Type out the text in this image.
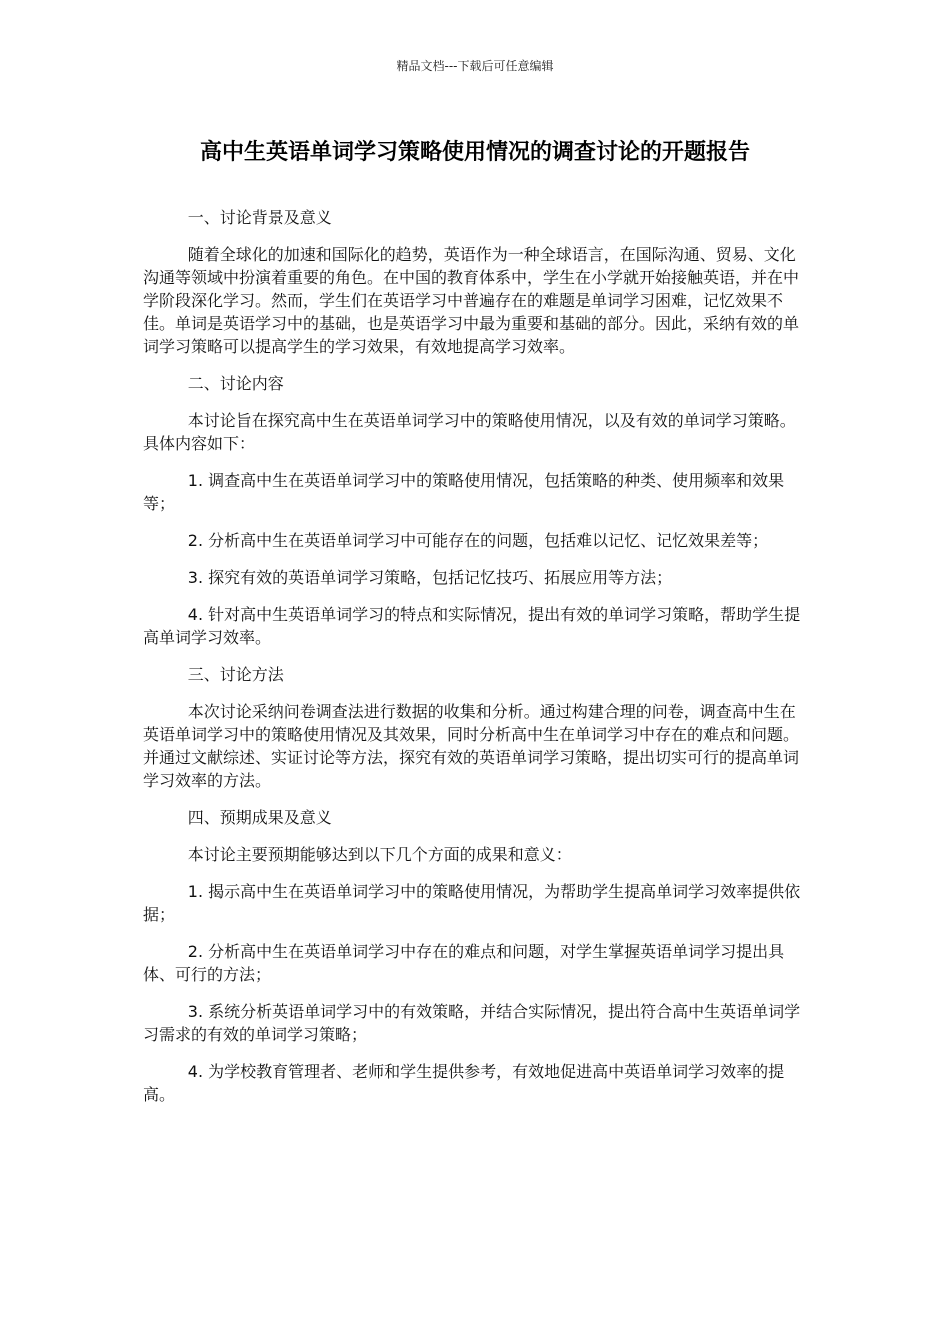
精品文档---下载后可任意编辑
高中生英语单词学习策略使用情况的调查讨论的开题报告

一、讨论背景及意义

随着全球化的加速和国际化的趋势，英语作为一种全球语言，在国际沟通、贸易、文化沟通等领域中扮演着重要的角色。在中国的教育体系中，学生在小学就开始接触英语，并在中学阶段深化学习。然而，学生们在英语学习中普遍存在的难题是单词学习困难，记忆效果不佳。单词是英语学习中的基础，也是英语学习中最为重要和基础的部分。因此，采纳有效的单词学习策略可以提高学生的学习效果，有效地提高学习效率。

二、讨论内容

本讨论旨在探究高中生在英语单词学习中的策略使用情况，以及有效的单词学习策略。具体内容如下：

1. 调查高中生在英语单词学习中的策略使用情况，包括策略的种类、使用频率和效果等；

2. 分析高中生在英语单词学习中可能存在的问题，包括难以记忆、记忆效果差等；

3. 探究有效的英语单词学习策略，包括记忆技巧、拓展应用等方法；

4. 针对高中生英语单词学习的特点和实际情况，提出有效的单词学习策略，帮助学生提高单词学习效率。

三、讨论方法

本次讨论采纳问卷调查法进行数据的收集和分析。通过构建合理的问卷，调查高中生在英语单词学习中的策略使用情况及其效果，同时分析高中生在单词学习中存在的难点和问题。并通过文献综述、实证讨论等方法，探究有效的英语单词学习策略，提出切实可行的提高单词学习效率的方法。

四、预期成果及意义

本讨论主要预期能够达到以下几个方面的成果和意义：

1. 揭示高中生在英语单词学习中的策略使用情况，为帮助学生提高单词学习效率提供依据；

2. 分析高中生在英语单词学习中存在的难点和问题，对学生掌握英语单词学习提出具体、可行的方法；

3. 系统分析英语单词学习中的有效策略，并结合实际情况，提出符合高中生英语单词学习需求的有效的单词学习策略；

4. 为学校教育管理者、老师和学生提供参考，有效地促进高中英语单词学习效率的提高。
